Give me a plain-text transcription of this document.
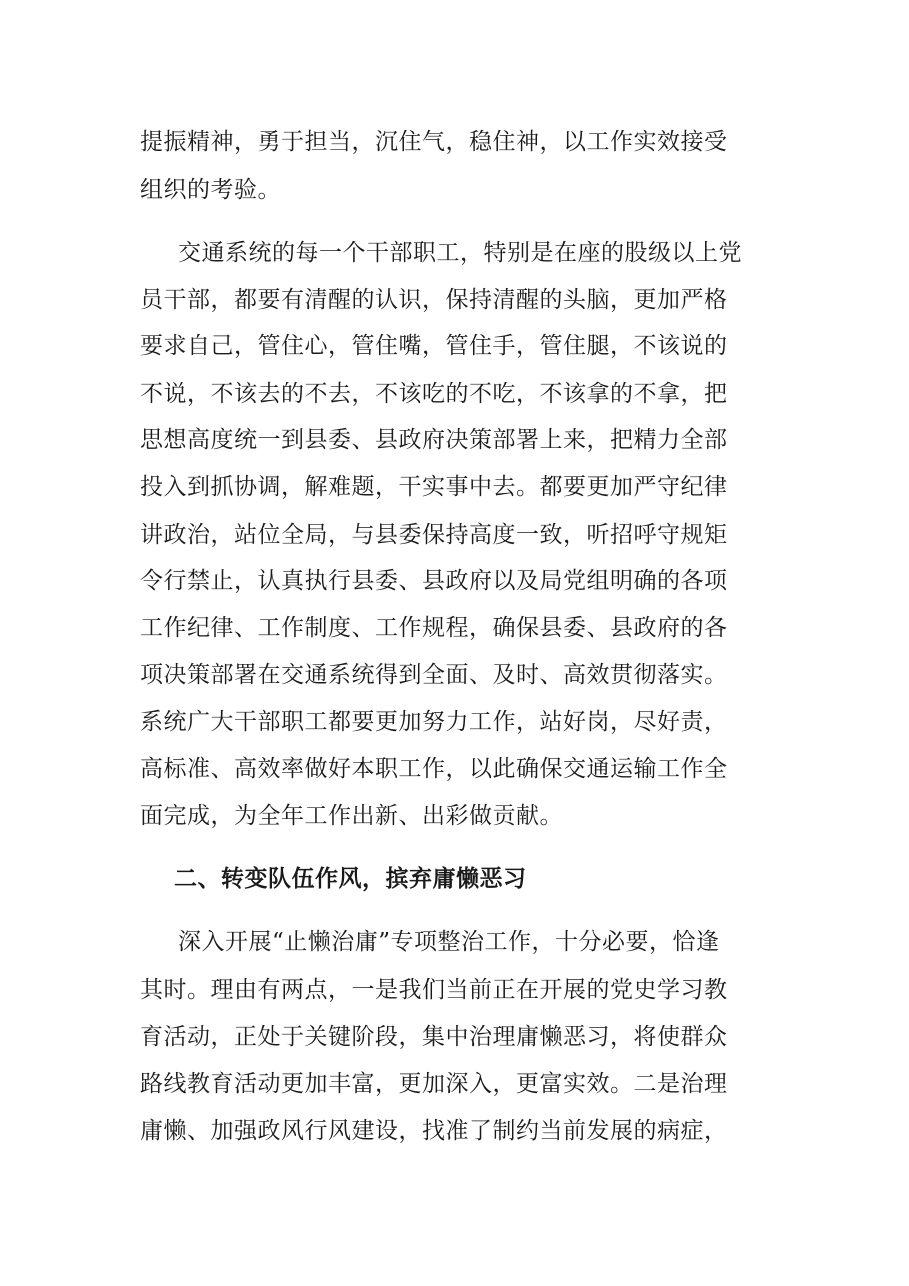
提振精神，勇于担当，沉住气，稳住神，以工作实效接受
组织的考验。
交通系统的每一个干部职工，特别是在座的股级以上党
员干部，都要有清醒的认识，保持清醒的头脑，更加严格
要求自己，管住心，管住嘴，管住手，管住腿，不该说的
不说，不该去的不去，不该吃的不吃，不该拿的不拿，把
思想高度统一到县委、县政府决策部署上来，把精力全部
投入到抓协调，解难题，干实事中去。都要更加严守纪律
讲政治，站位全局，与县委保持高度一致，听招呼守规矩
令行禁止，认真执行县委、县政府以及局党组明确的各项
工作纪律、工作制度、工作规程，确保县委、县政府的各
项决策部署在交通系统得到全面、及时、高效贯彻落实。
系统广大干部职工都要更加努力工作，站好岗，尽好责，
高标准、高效率做好本职工作，以此确保交通运输工作全
面完成，为全年工作出新、出彩做贡献。
二、转变队伍作风，摈弃庸懒恶习
深入开展“止懒治庸”专项整治工作，十分必要，恰逢
其时。理由有两点，一是我们当前正在开展的党史学习教
育活动，正处于关键阶段，集中治理庸懒恶习，将使群众
路线教育活动更加丰富，更加深入，更富实效。二是治理
庸懒、加强政风行风建设，找准了制约当前发展的病症，
